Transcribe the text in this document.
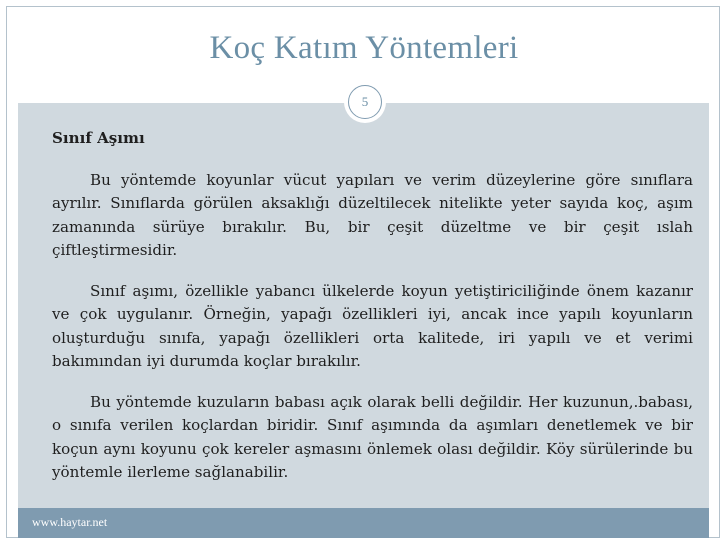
Koç Katım Yöntemleri
5

Sınıf Aşımı

Bu yöntemde koyunlar vücut yapıları ve verim düzeylerine göre sınıflara ayrılır. Sınıflarda görülen aksaklığı düzeltilecek nitelikte yeter sayıda koç, aşım zamanında sürüye bırakılır. Bu, bir çeşit düzeltme ve bir çeşit ıslah çiftleştirmesidir.

Sınıf aşımı, özellikle yabancı ülkelerde koyun yetiştiriciliğinde önem kazanır ve çok uygulanır. Örneğin, yapağı özellikleri iyi, ancak ince yapılı koyunların oluşturduğu sınıfa, yapağı özellikleri orta kalitede, iri yapılı ve et verimi bakımından iyi durumda koçlar bırakılır.

Bu yöntemde kuzuların babası açık olarak belli değildir. Her kuzunun,.babası, o sınıfa verilen koçlardan biridir. Sınıf aşımında da aşımları denetlemek ve bir koçun aynı koyunu çok kereler aşmasını önlemek olası değildir. Köy sürülerinde bu yöntemle ilerleme sağlanabilir.

www.haytar.net
